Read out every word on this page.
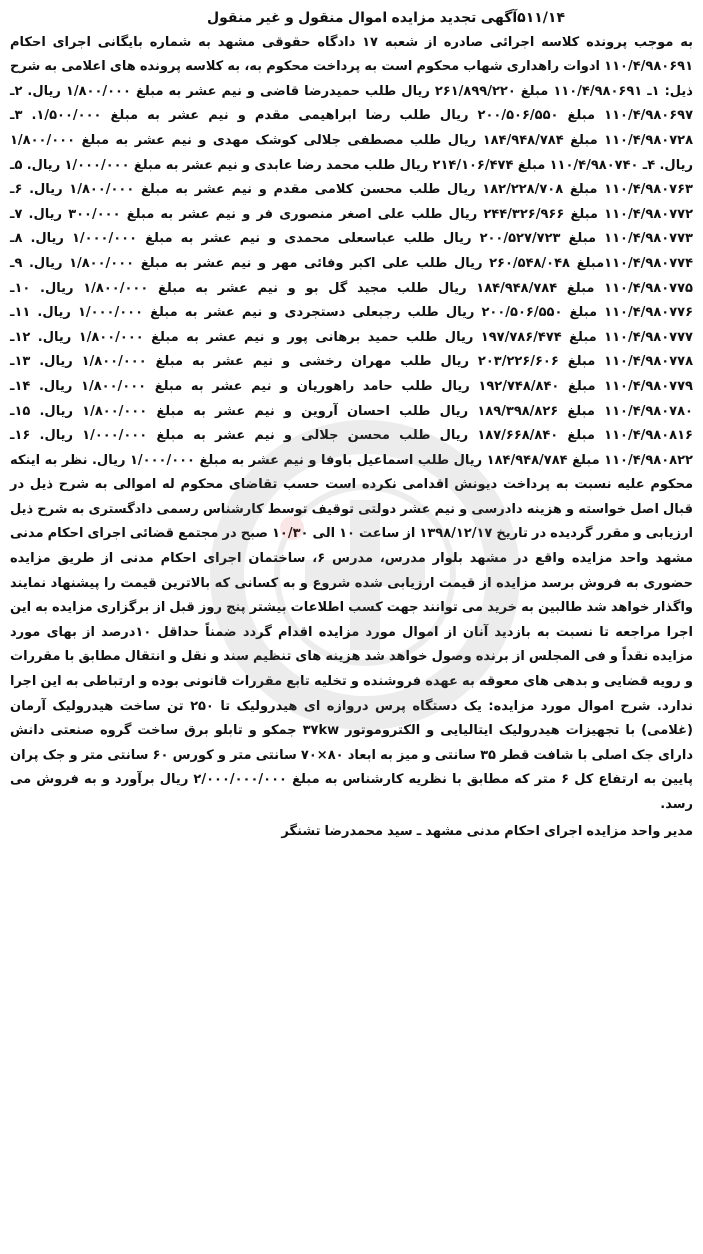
۵۱۱/۱۴آگهی تجدید مزایده اموال منقول و غیر منقول

به موجب پرونده کلاسه اجرائی صادره از شعبه ۱۷ دادگاه حقوقی مشهد به شماره بایگانی اجرای احکام ۱۱۰/۴/۹۸۰۶۹۱ ادوات راهداری شهاب محکوم است به پرداخت محکوم به، به کلاسه پرونده های اعلامی به شرح ذیل: ۱ـ ۱۱۰/۴/۹۸۰۶۹۱ مبلغ ۲۶۱/۸۹۹/۲۲۰ ریال طلب حمیدرضا قاضی و نیم عشر به مبلغ ۱/۸۰۰/۰۰۰ ریال. ۲ـ ۱۱۰/۴/۹۸۰۶۹۷ مبلغ ۲۰۰/۵۰۶/۵۵۰ ریال طلب رضا ابراهیمی مقدم و نیم عشر به مبلغ ۱/۵۰۰/۰۰۰. ۳ـ ۱۱۰/۴/۹۸۰۷۲۸ مبلغ ۱۸۴/۹۴۸/۷۸۴ ریال طلب مصطفی جلالی کوشک مهدی و نیم عشر به مبلغ ۱/۸۰۰/۰۰۰ ریال. ۴ـ ۱۱۰/۴/۹۸۰۷۴۰ مبلغ ۲۱۴/۱۰۶/۴۷۴ ریال طلب محمد رضا عابدی و نیم عشر به مبلغ ۱/۰۰۰/۰۰۰ ریال. ۵ـ ۱۱۰/۴/۹۸۰۷۶۳ مبلغ ۱۸۲/۲۲۸/۷۰۸ ریال طلب محسن کلامی مقدم و نیم عشر به مبلغ ۱/۸۰۰/۰۰۰ ریال. ۶ـ ۱۱۰/۴/۹۸۰۷۷۲ مبلغ ۲۴۴/۳۲۶/۹۶۶ ریال طلب علی اصغر منصوری فر و نیم عشر به مبلغ ۳۰۰/۰۰۰ ریال. ۷ـ ۱۱۰/۴/۹۸۰۷۷۳ مبلغ ۲۰۰/۵۲۷/۷۲۳ ریال طلب عباسعلی محمدی و نیم عشر به مبلغ ۱/۰۰۰/۰۰۰ ریال. ۸ـ ۱۱۰/۴/۹۸۰۷۷۴مبلغ ۲۶۰/۵۴۸/۰۴۸ ریال طلب علی اکبر وفائی مهر و نیم عشر به مبلغ ۱/۸۰۰/۰۰۰ ریال. ۹ـ ۱۱۰/۴/۹۸۰۷۷۵ مبلغ ۱۸۴/۹۴۸/۷۸۴ ریال طلب مجید گل بو و نیم عشر به مبلغ ۱/۸۰۰/۰۰۰ ریال. ۱۰ـ ۱۱۰/۴/۹۸۰۷۷۶ مبلغ ۲۰۰/۵۰۶/۵۵۰ ریال طلب رجبعلی دستجردی و نیم عشر به مبلغ ۱/۰۰۰/۰۰۰ ریال. ۱۱ـ ۱۱۰/۴/۹۸۰۷۷۷ مبلغ ۱۹۷/۷۸۶/۴۷۴ ریال طلب حمید برهانی پور و نیم عشر به مبلغ ۱/۸۰۰/۰۰۰ ریال. ۱۲ـ ۱۱۰/۴/۹۸۰۷۷۸ مبلغ ۲۰۳/۲۲۶/۶۰۶ ریال طلب مهران رخشی و نیم عشر به مبلغ ۱/۸۰۰/۰۰۰ ریال. ۱۳ـ ۱۱۰/۴/۹۸۰۷۷۹ مبلغ ۱۹۲/۷۴۸/۸۴۰ ریال طلب حامد راهوریان و نیم عشر به مبلغ ۱/۸۰۰/۰۰۰ ریال. ۱۴ـ ۱۱۰/۴/۹۸۰۷۸۰ مبلغ ۱۸۹/۳۹۸/۸۲۶ ریال طلب احسان آروین و نیم عشر به مبلغ ۱/۸۰۰/۰۰۰ ریال. ۱۵ـ ۱۱۰/۴/۹۸۰۸۱۶ مبلغ ۱۸۷/۶۶۸/۸۴۰ ریال طلب محسن جلالی و نیم عشر به مبلغ ۱/۰۰۰/۰۰۰ ریال. ۱۶ـ ۱۱۰/۴/۹۸۰۸۲۲ مبلغ ۱۸۴/۹۴۸/۷۸۴ ریال طلب اسماعیل باوفا و نیم عشر به مبلغ ۱/۰۰۰/۰۰۰ ریال. نظر به اینکه محکوم علیه نسبت به پرداخت دیونش اقدامی نکرده است حسب تقاضای محکوم له اموالی به شرح ذیل در قبال اصل خواسته و هزینه دادرسی و نیم عشر دولتی توقیف توسط کارشناس رسمی دادگستری به شرح ذیل ارزیابی و مقرر گردیده در تاریخ ۱۳۹۸/۱۲/۱۷ از ساعت ۱۰ الی ۱۰/۳۰ صبح در مجتمع قضائی اجرای احکام مدنی مشهد واحد مزایده واقع در مشهد بلوار مدرس، مدرس ۶، ساختمان اجرای احکام مدنی از طریق مزایده حضوری به فروش برسد مزایده از قیمت ارزیابی شده شروع و به کسانی که بالاترین قیمت را پیشنهاد نمایند واگذار خواهد شد طالبین به خرید می توانند جهت کسب اطلاعات بیشتر پنج روز قبل از برگزاری مزایده به این اجرا مراجعه تا نسبت به بازدید آنان از اموال مورد مزایده اقدام گردد ضمناً حداقل ۱۰درصد از بهای مورد مزایده نقداً و فی المجلس از برنده وصول خواهد شد هزینه های تنظیم سند و نقل و انتقال مطابق با مقررات و رویه قضایی و بدهی های معوقه به عهده فروشنده و تخلیه تابع مقررات قانونی بوده و ارتباطی به این اجرا ندارد. شرح اموال مورد مزایده: یک دستگاه پرس دروازه ای هیدرولیک تا ۲۵۰ تن ساخت هیدرولیک آرمان (غلامی) با تجهیزات هیدرولیک ایتالیایی و الکتروموتور ۳۷kw جمکو و تابلو برق ساخت گروه صنعتی دانش دارای جک اصلی با شافت قطر ۳۵ سانتی و میز به ابعاد ۸۰×۷۰ سانتی متر و کورس ۶۰ سانتی متر و جک پران پایین به ارتفاع کل ۶ متر که مطابق با نظریه کارشناس به مبلغ ۲/۰۰۰/۰۰۰/۰۰۰ ریال برآورد و به فروش می رسد.

مدیر واحد مزایده اجرای احکام مدنی مشهد ـ سید محمدرضا تشنگر
